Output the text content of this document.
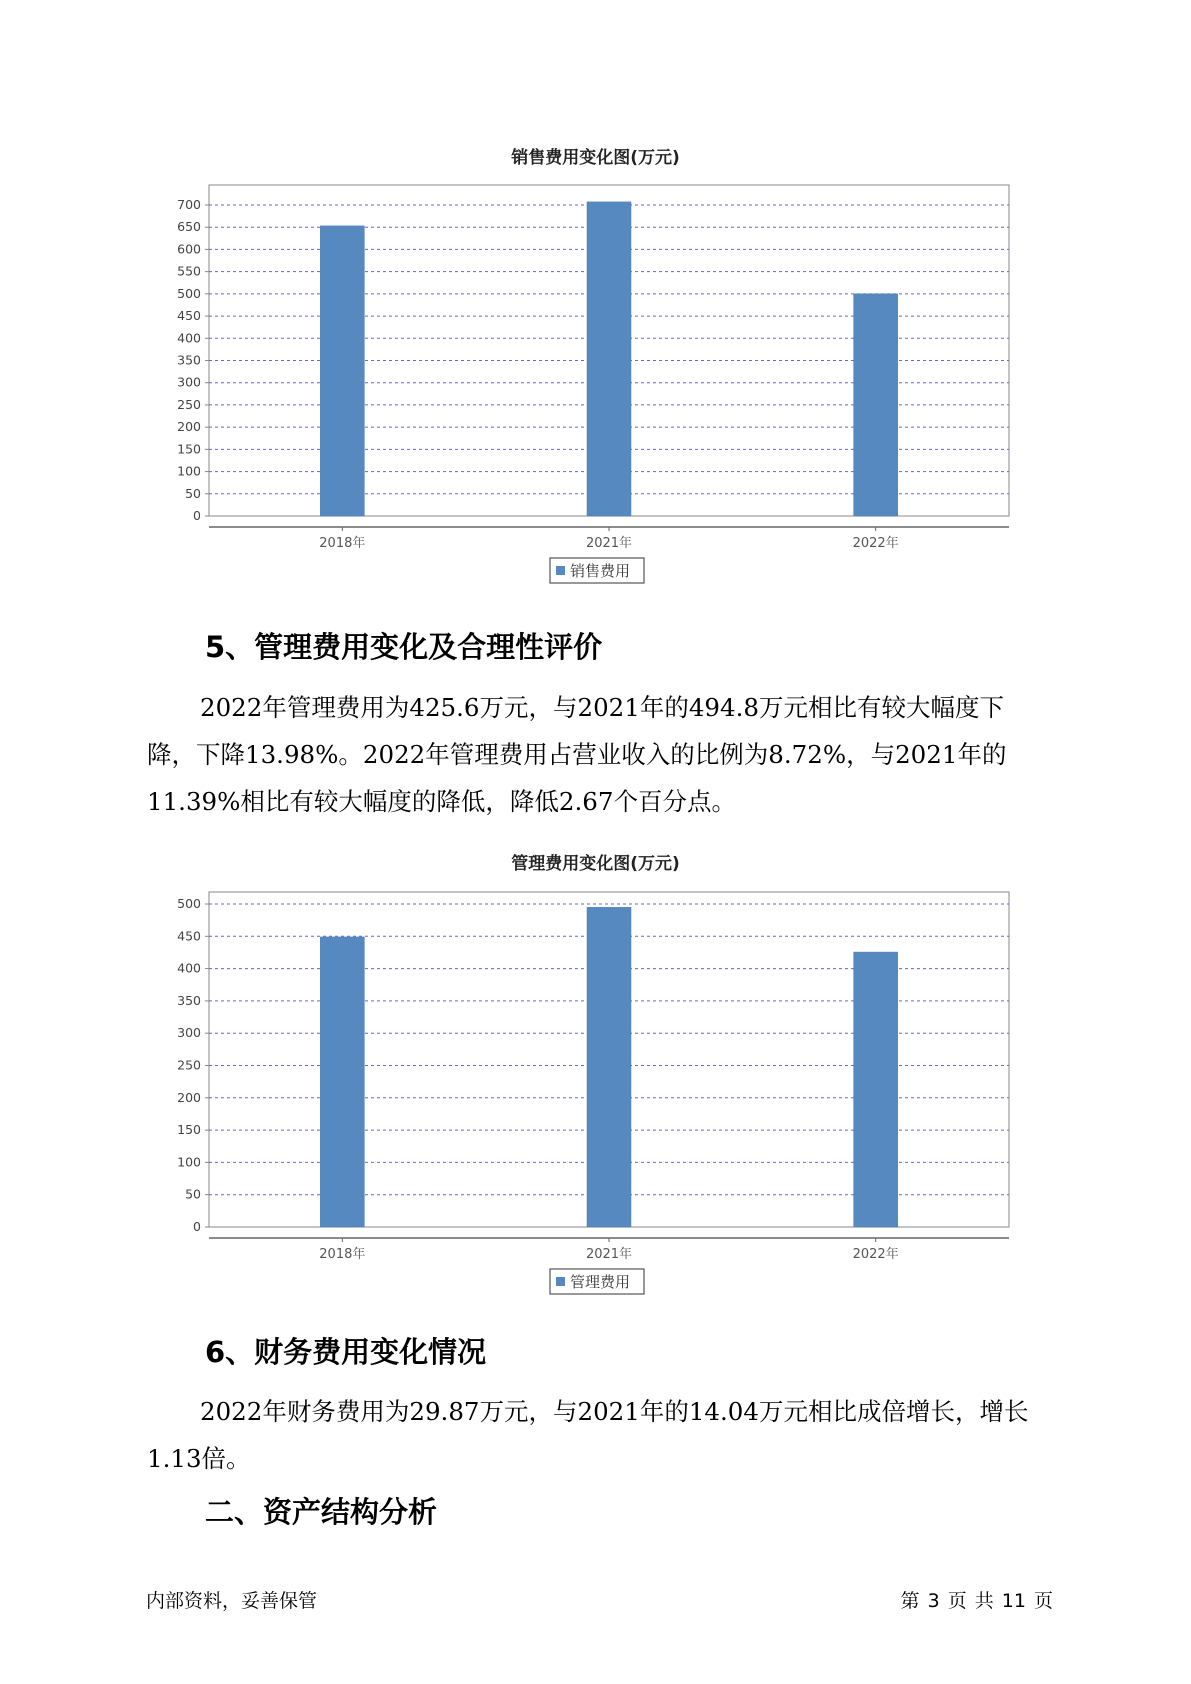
销售费用变化图(万元)
0
50
100
150
200
250
300
350
400
450
500
550
600
650
700
2018年	2021年	2022年
销售费用
5、管理费用变化及合理性评价
2022年管理费用为425.6万元，与2021年的494.8万元相比有较大幅度下降，下降13.98%。2022年管理费用占营业收入的比例为8.72%，与2021年的11.39%相比有较大幅度的降低，降低2.67个百分点。
管理费用变化图(万元)
0
50
100
150
200
250
300
350
400
450
500
2018年	2021年	2022年
管理费用
6、财务费用变化情况
2022年财务费用为29.87万元，与2021年的14.04万元相比成倍增长，增长1.13倍。
二、资产结构分析
内部资料，妥善保管	第 3 页 共 11 页
